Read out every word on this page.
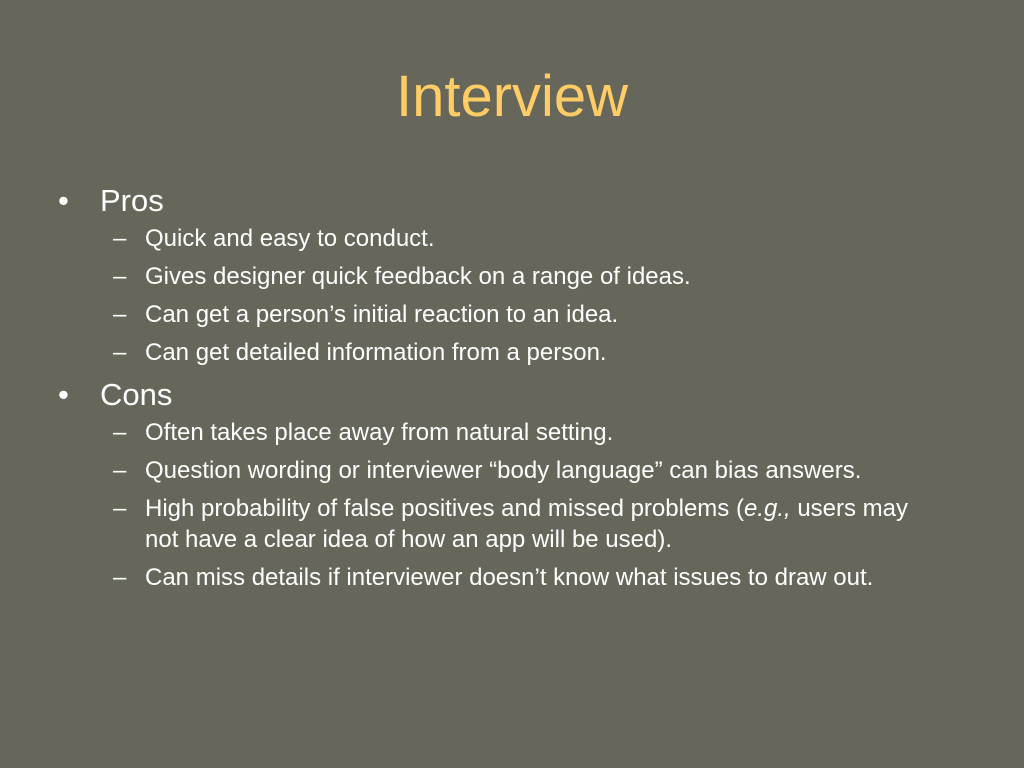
Interview
•	Pros
– Quick and easy to conduct.
– Gives designer quick feedback on a range of ideas.
– Can get a person’s initial reaction to an idea.
– Can get detailed information from a person.
•	Cons
– Often takes place away from natural setting.
– Question wording or interviewer “body language” can bias answers.
– High probability of false positives and missed problems (e.g., users may not have a clear idea of how an app will be used).
– Can miss details if interviewer doesn’t know what issues to draw out.
